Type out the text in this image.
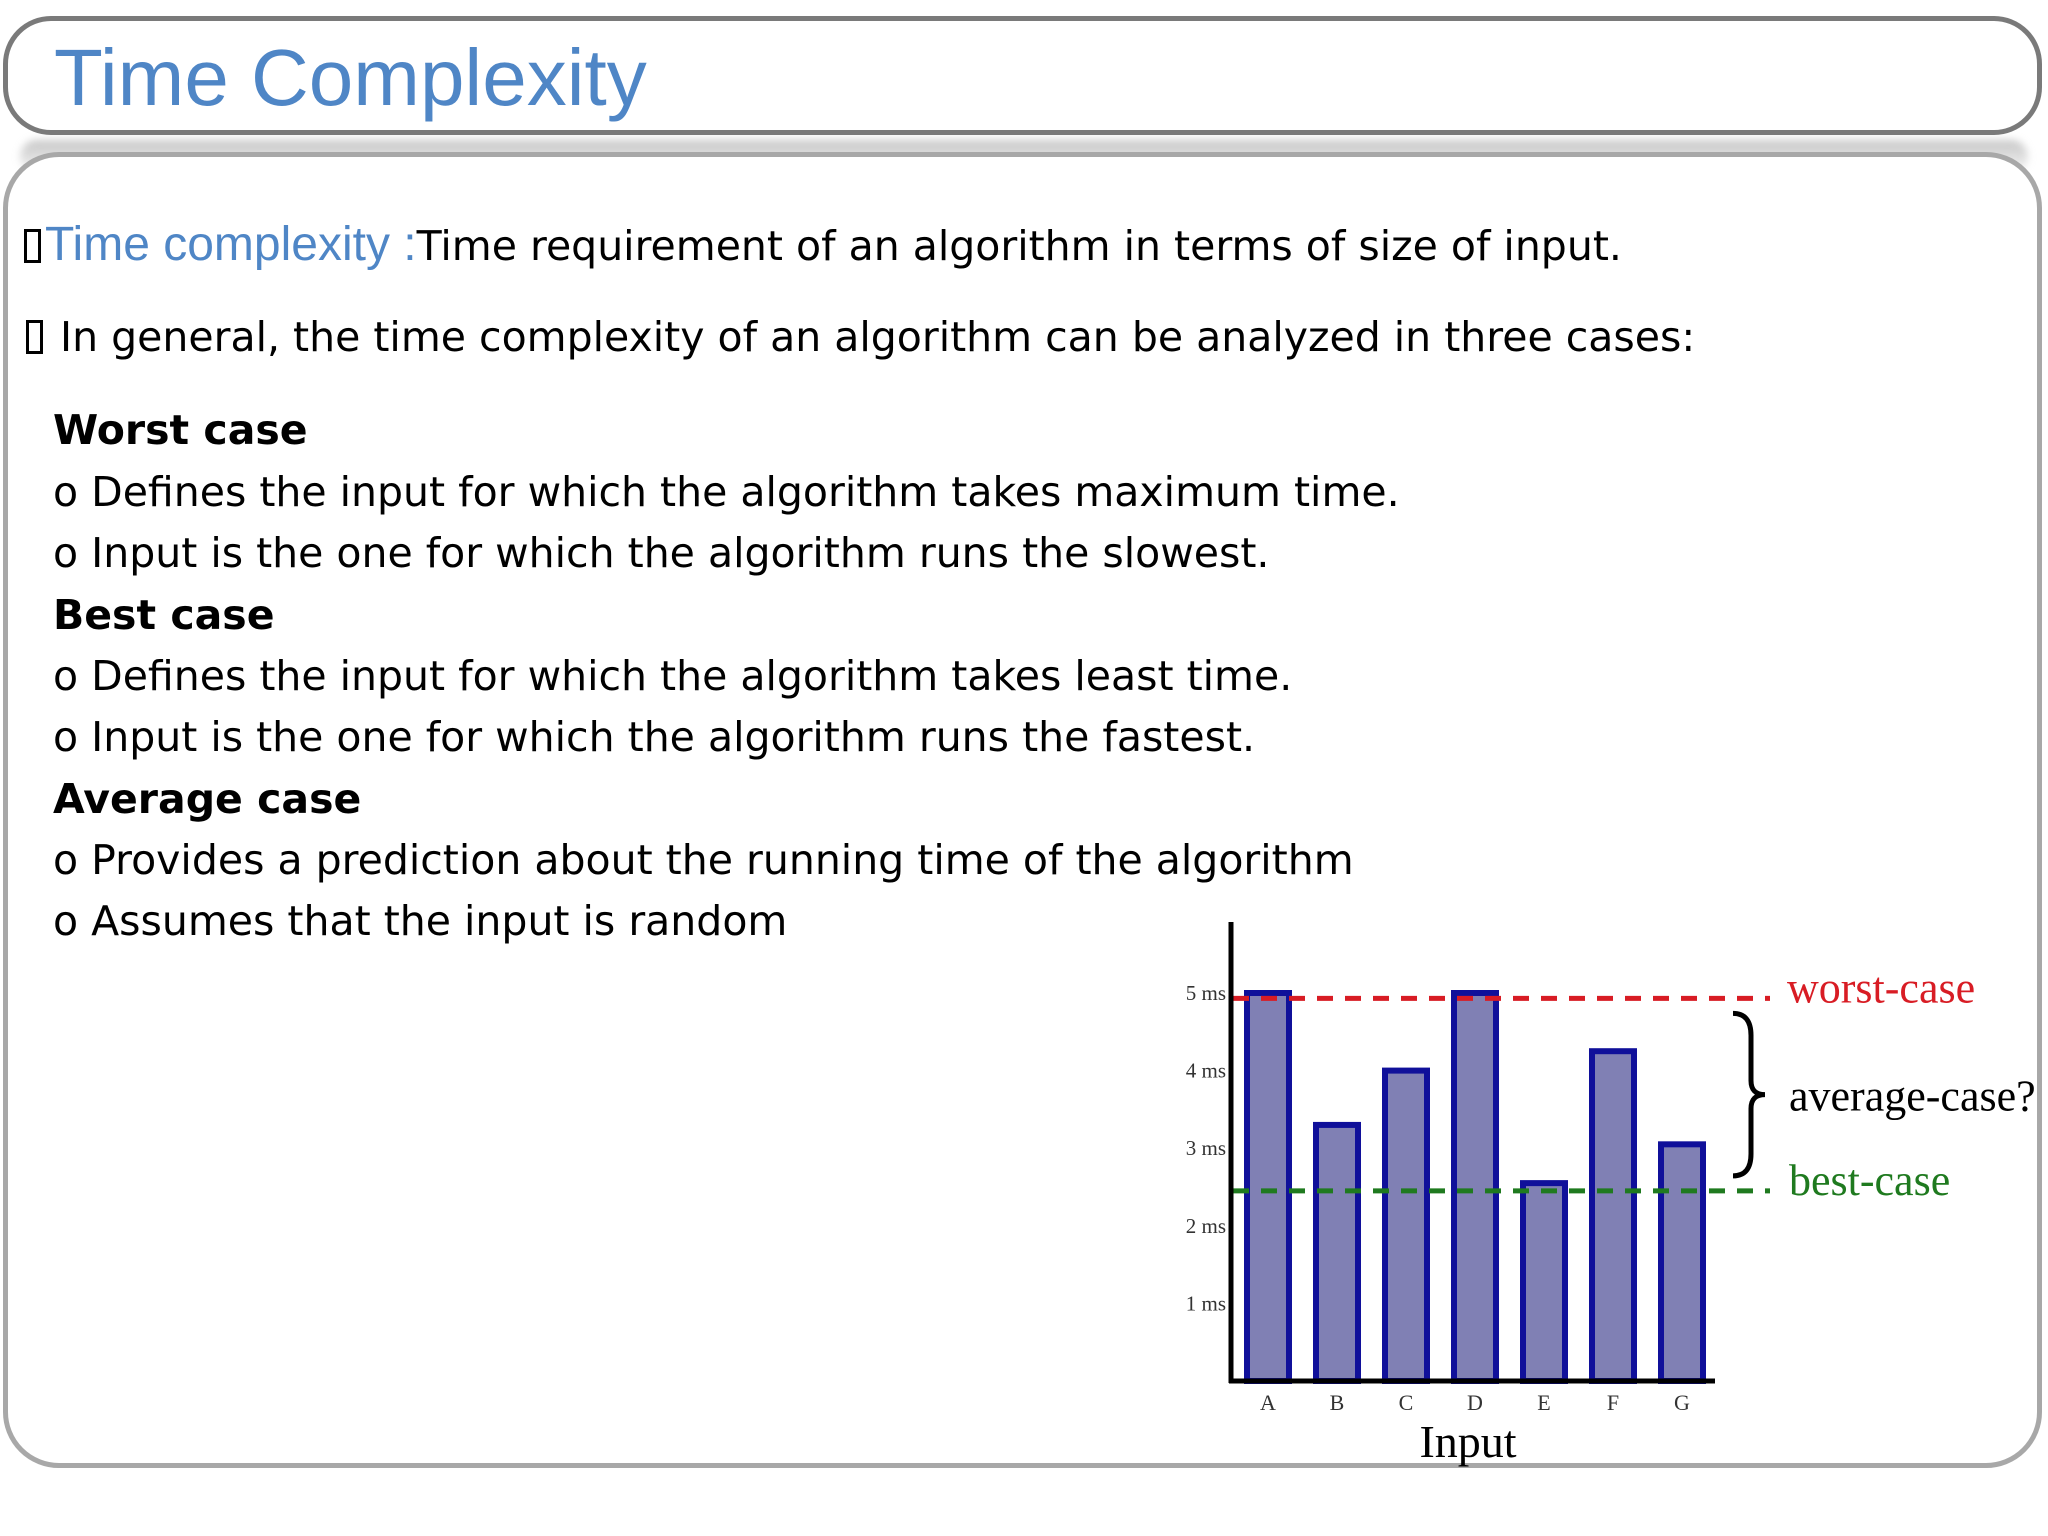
Time Complexity
Time complexity :Time requirement of an algorithm in terms of size of input.
In general, the time complexity of an algorithm can be analyzed in three cases:
Worst case
o Defines the input for which the algorithm takes maximum time.
o Input is the one for which the algorithm runs the slowest.
Best case
o Defines the input for which the algorithm takes least time.
o Input is the one for which the algorithm runs the fastest.
Average case
o Provides a prediction about the running time of the algorithm
o Assumes that the input is random
1 ms
2 ms
3 ms
4 ms
5 ms
A B C D E	F G
Input
worst-case
average-case?
best-case
